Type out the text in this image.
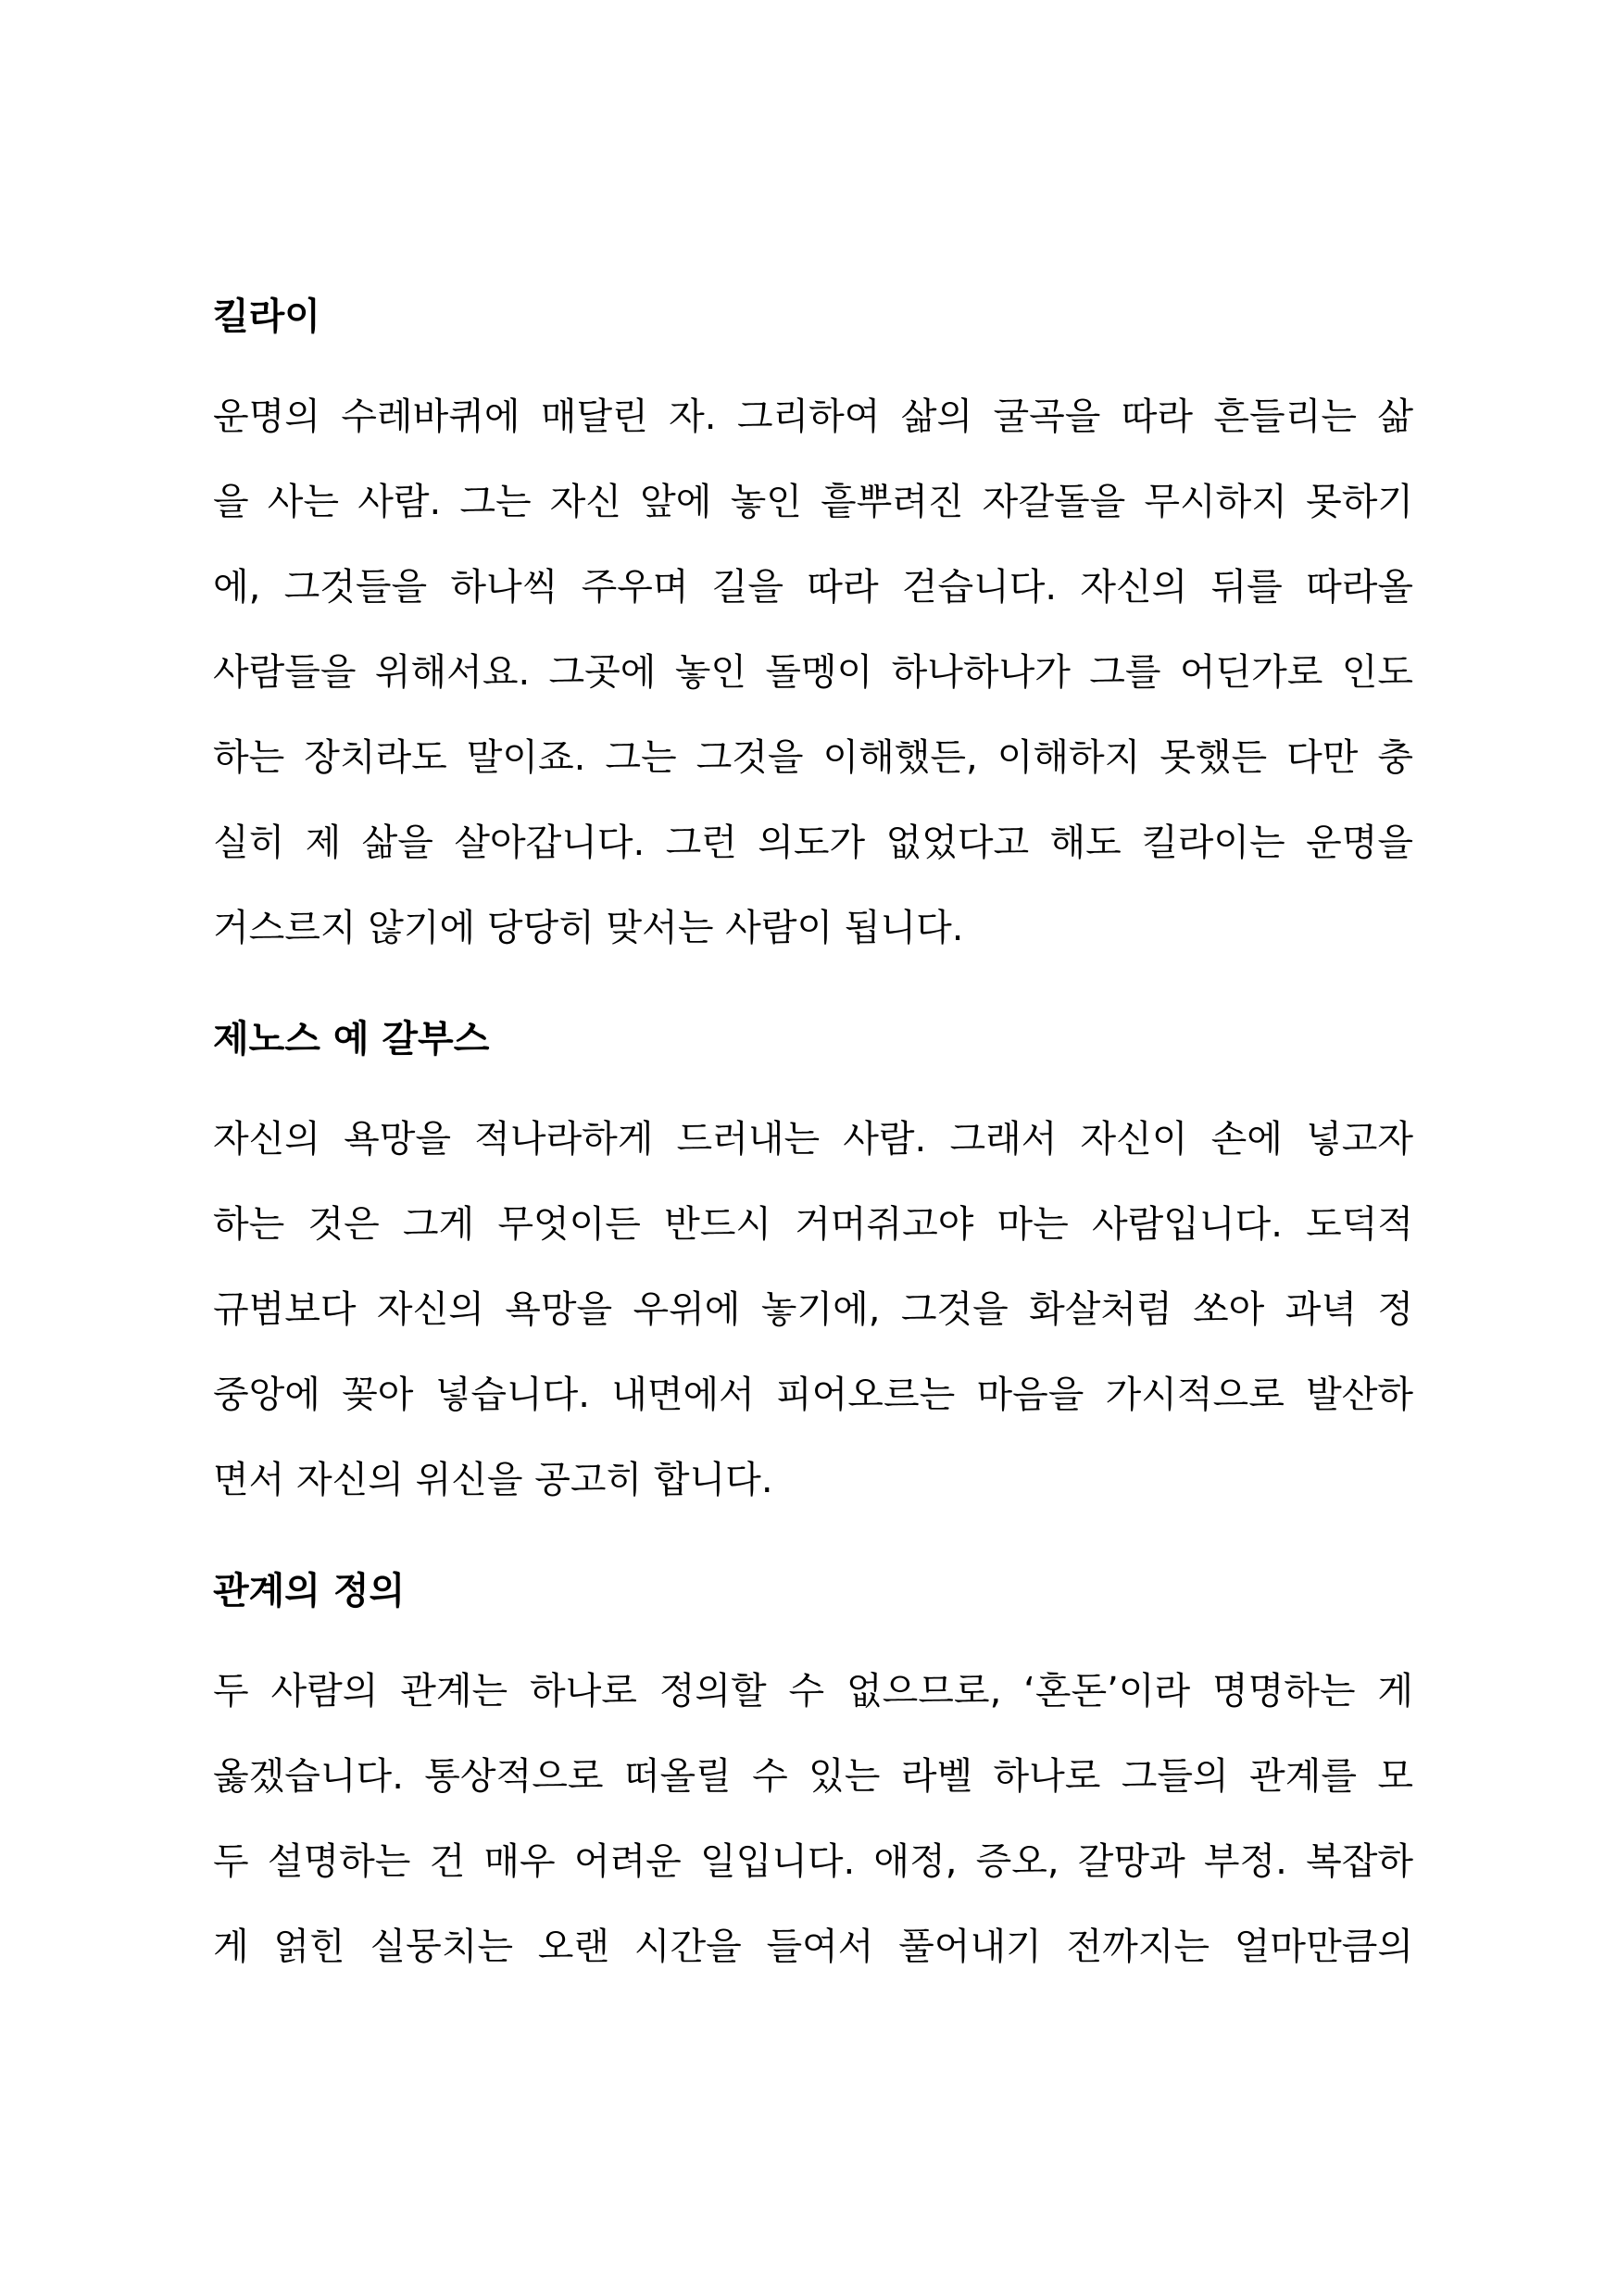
킬라이
운명의 수레바퀴에 매달린 자. 그리하여 삶의 굴곡을 따라 흔들리는 삶
을 사는 사람. 그는 자신 앞에 놓인 흩뿌려진 자갈돌을 무시하지 못하기
에, 그것들을 하나씩 주우며 길을 따라 걷습니다. 자신의 뒤를 따라올
사람들을 위해서요. 그곳에 놓인 돌멩이 하나하나가 그를 어딘가로 인도
하는 장치라도 말이죠. 그는 그것을 이해했든, 이해하지 못했든 다만 충
실히 제 삶을 살아갑니다. 그런 의도가 없었다고 해도 킬라이는 운명을
거스르지 않기에 당당히 맞서는 사람이 됩니다.
제노스 예 갈부스
자신의 욕망을 적나라하게 드러내는 사람. 그래서 자신이 손에 넣고자
하는 것은 그게 무엇이든 반드시 거머쥐고야 마는 사람입니다. 도덕적
규범보다 자신의 욕망을 우위에 놓기에, 그것을 화살처럼 쏘아 과녁 정
중앙에 꽂아 넣습니다. 내면에서 피어오르는 마음을 가시적으로 발산하
면서 자신의 위신을 공고히 합니다.
관계의 정의
두 사람의 관계는 하나로 정의할 수 없으므로, ‘혼돈’이라 명명하는 게
옳겠습니다. 통상적으로 떠올릴 수 있는 라벨 하나로 그들의 관계를 모
두 설명하는 건 매우 어려운 일입니다. 애정, 증오, 갈망과 부정. 복잡하
게 얽힌 실뭉치는 오랜 시간을 들여서 풀어내기 전까지는 얼마만큼의
